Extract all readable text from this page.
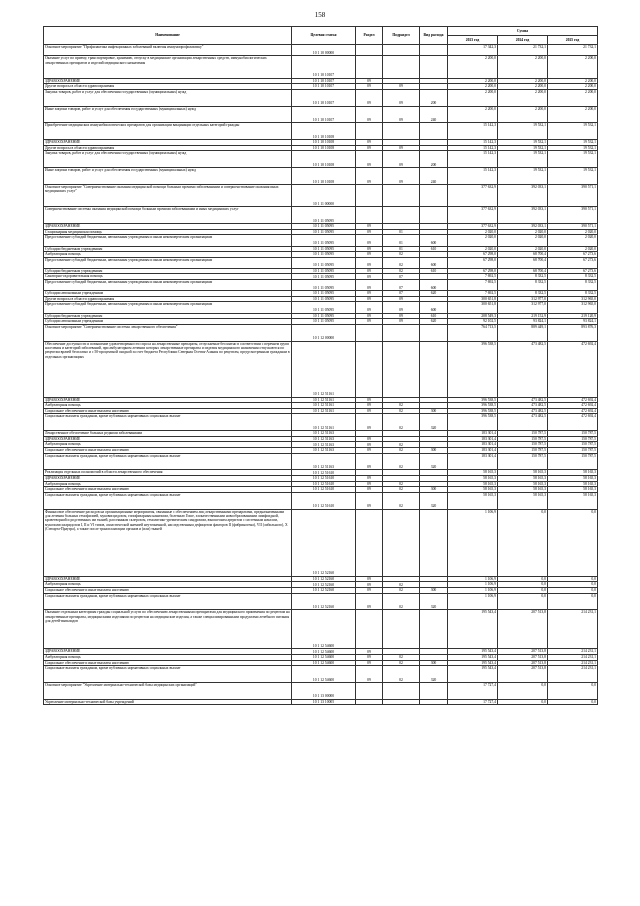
158
Наименование	Целевая статья	Раздел	Подраздел	Вид расхода	Сумма		
					2023 год	2024 год	2025 год
Основное мероприятие "Профилактика инфекционных заболеваний включая иммунопрофилактику"	10 1 10 00000				17 342,3	21 732,1	21 732,1
Оказание услуг по приему, транспортировке, хранению, отпуску в медицинские организации лекарственных средств, иммунобиологических лекарственных препаратов и изделий медицинского назначения	10 1 10 10107				2 200,0	2 200,0	2 200,0
ЗДРАВООХРАНЕНИЕ	10 1 10 10107	09			2 200,0	2 200,0	2 200,0
Другие вопросы в области здравоохранения	10 1 10 10107	09	09		2 200,0	2 200,0	2 200,0
Закупка товаров, работ и услуг для обеспечения государственных (муниципальных) нужд	10 1 10 10107	09	09	200	2 200,0	2 200,0	2 200,0
Иные закупки товаров, работ и услуг для обеспечения государственных (муниципальных) нужд	10 1 10 10107	09	09	240	2 200,0	2 200,0	2 200,0
Приобретение медицинских иммунобиологических препаратов для организации вакцинации отдельных категорий граждан	10 1 10 10108				15 142,3	19 532,1	19 532,1
ЗДРАВООХРАНЕНИЕ	10 1 10 10108	09			15 142,3	19 532,1	19 532,1
Другие вопросы в области здравоохранения	10 1 10 10108	09	09		15 142,3	19 532,1	19 532,1
Закупка товаров, работ и услуг для обеспечения государственных (муниципальных) нужд	10 1 10 10108	09	09	200	15 142,3	19 532,1	19 532,1
Иные закупки товаров, работ и услуг для обеспечения государственных (муниципальных) нужд	10 1 10 10108	09	09	240	15 142,3	19 532,1	19 532,1
Основное мероприятие "Совершенствование оказания медицинской помощи больным прочими заболеваниями и совершенствование оказания иных медицинских услуг"	10 1 11 00000				377 632,9	392 033,1	390 571,1
Совершенствование системы оказания медицинской помощи больным прочими заболеваниями и иных медицинских услуг	10 1 11 05095				377 632,9	392 033,1	390 571,1
ЗДРАВООХРАНЕНИЕ	10 1 11 05095	09			377 632,9	392 033,1	390 571,1
Стационарная медицинская помощь	10 1 11 05095	09	01		2 020,0	2 020,0	2 020,0
Предоставление субсидий бюджетным, автономным учреждениям и иным некоммерческим организациям	10 1 11 05095	09	01	600	2 020,0	2 020,0	2 020,0
Субсидии бюджетным учреждениям	10 1 11 05095	09	01	610	2 020,0	2 020,0	2 020,0
Амбулаторная помощь	10 1 11 05095	09	02		67 298,0	68 700,4	67 273,6
Предоставление субсидий бюджетным, автономным учреждениям и иным некоммерческим организациям	10 1 11 05095	09	02	600	67 298,0	68 700,4	67 273,6
Субсидии бюджетным учреждениям	10 1 11 05095	09	02	610	67 298,0	68 700,4	67 273,6
Санаторно-оздоровительная помощь	10 1 11 05095	09	07		7 692,5	8 332,5	8 332,5
Предоставление субсидий бюджетным, автономным учреждениям и иным некоммерческим организациям	10 1 11 05095	09	07	600	7 692,5	8 332,5	8 332,5
Субсидии автономным учреждениям	10 1 11 05095	09	07	620	7 692,5	8 332,5	8 332,5
Другие вопросы в области здравоохранения	10 1 11 05095	09	09		300 651,8	312 977,0	312 965,0
Предоставление субсидий бюджетным, автономным учреждениям и иным некоммерческим организациям	10 1 11 05095	09	09	600	300 651,8	312 977,0	312 965,0
Субсидии бюджетным учреждениям	10 1 11 05095	09	09	610	208 549,3	219 152,9	219 120,9
Субсидии автономным учреждениям	10 1 11 05095	09	09	620	92 102,5	93 824,1	93 824,1
Основное мероприятие "Совершенствование системы лекарственного обеспечения"	10 1 12 00000				764 713,5	889 449,1	893 876,3
Обеспечение доступности и повышение удовлетворенности спроса на лекарственные препараты, отпускаемые бесплатно в соответствии с перечнем групп населения и категорий заболеваний, при амбулаторном лечении которых лекарственные препараты и изделия медицинского назначения отпускаются по рецептам врачей бесплатно и с 50-процентной скидкой за счет бюджета Республики Северная Осетия-Алания по рецептам, предусмотренным гражданам в отдельных организациях	10 1 12 51161				396 538,5	473 482,5	472 692,4
ЗДРАВООХРАНЕНИЕ	10 1 12 51161	09			396 538,5	473 482,5	472 692,4
Амбулаторная помощь	10 1 12 51161	09	02		396 538,5	473 482,5	472 692,4
Социальное обеспечение и иные выплаты населению	10 1 12 51161	09	02	300	396 538,5	473 482,5	472 692,4
Социальные выплаты гражданам, кроме публичных нормативных социальных выплат	10 1 12 51161	09	02	320	396 538,5	473 482,5	472 692,4
Лекарственное обеспечение больных редкими заболеваниями	10 1 12 51163				183 301,4	150 787,5	150 787,5
ЗДРАВООХРАНЕНИЕ	10 1 12 51163	09			183 301,4	150 787,5	150 787,5
Амбулаторная помощь	10 1 12 51163	09	02		183 301,4	150 787,5	150 787,5
Социальное обеспечение и иные выплаты населению	10 1 12 51163	09	02	300	183 301,4	150 787,5	150 787,5
Социальные выплаты гражданам, кроме публичных нормативных социальных выплат	10 1 12 51163	09	02	320	183 301,4	150 787,5	150 787,5
Реализация отдельных полномочий в области лекарственного обеспечения	10 1 12 51610				58 165,3	58 165,3	58 165,3
ЗДРАВООХРАНЕНИЕ	10 1 12 51610	09			58 165,3	58 165,3	58 165,3
Амбулаторная помощь	10 1 12 51610	09	02		58 165,3	58 165,3	58 165,3
Социальное обеспечение и иные выплаты населению	10 1 12 51610	09	02	300	58 165,3	58 165,3	58 165,3
Социальные выплаты гражданам, кроме публичных нормативных социальных выплат	10 1 12 51610	09	02	320	58 165,3	58 165,3	58 165,3
Финансовое обеспечение расходов на организационные мероприятия, связанные с обеспечением лиц лекарственными препаратами, предназначенными для лечения больных гемофилией, муковисцидозом, гипофизарным нанизмом, болезнью Гоше, злокачественными новообразованиями лимфоидной, кроветворной и родственных им тканей, рассеянным склерозом, гемолитико-уремическим синдромом, юношеским артритом с системным началом, мукополисахаридозом I, II и VI типов, апластической анемией неуточненной, наследственным дефицитом факторов II (фибриногена), VII (лабильного), X (Стюарта-Прауэра), а также после трансплантации органов и (или) тканей	10 1 12 52160				1 106,9	0,0	0,0
ЗДРАВООХРАНЕНИЕ	10 1 12 52160	09			1 106,9	0,0	0,0
Амбулаторная помощь	10 1 12 52160	09	02		1 106,9	0,0	0,0
Социальное обеспечение и иные выплаты населению	10 1 12 52160	09	02	300	1 106,9	0,0	0,0
Социальные выплаты гражданам, кроме публичных нормативных социальных выплат	10 1 12 52160	09	02	320	1 106,9	0,0	0,0
Оказание отдельным категориям граждан социальной услуги по обеспечению лекарственными препаратами для медицинского применения по рецептам на лекарственные препараты, медицинскими изделиями по рецептам на медицинские изделия, а также специализированными продуктами лечебного питания для детей-инвалидов	10 1 12 54600				195 543,4	207 513,8	214 231,1
ЗДРАВООХРАНЕНИЕ	10 1 12 54600	09			195 543,4	207 513,8	214 231,1
Амбулаторная помощь	10 1 12 54600	09	02		195 543,4	207 513,8	214 231,1
Социальное обеспечение и иные выплаты населению	10 1 12 54600	09	02	300	195 543,4	207 513,8	214 231,1
Социальные выплаты гражданам, кроме публичных нормативных социальных выплат	10 1 12 54600	09	02	320	195 543,4	207 513,8	214 231,1
Основное мероприятие "Укрепление материально-технической базы медицинских организаций"	10 1 13 00000				17 727,4	0,0	0,0
Укрепление материально-технической базы учреждений	10 1 13 10005				17 727,4	0,0	0,0
